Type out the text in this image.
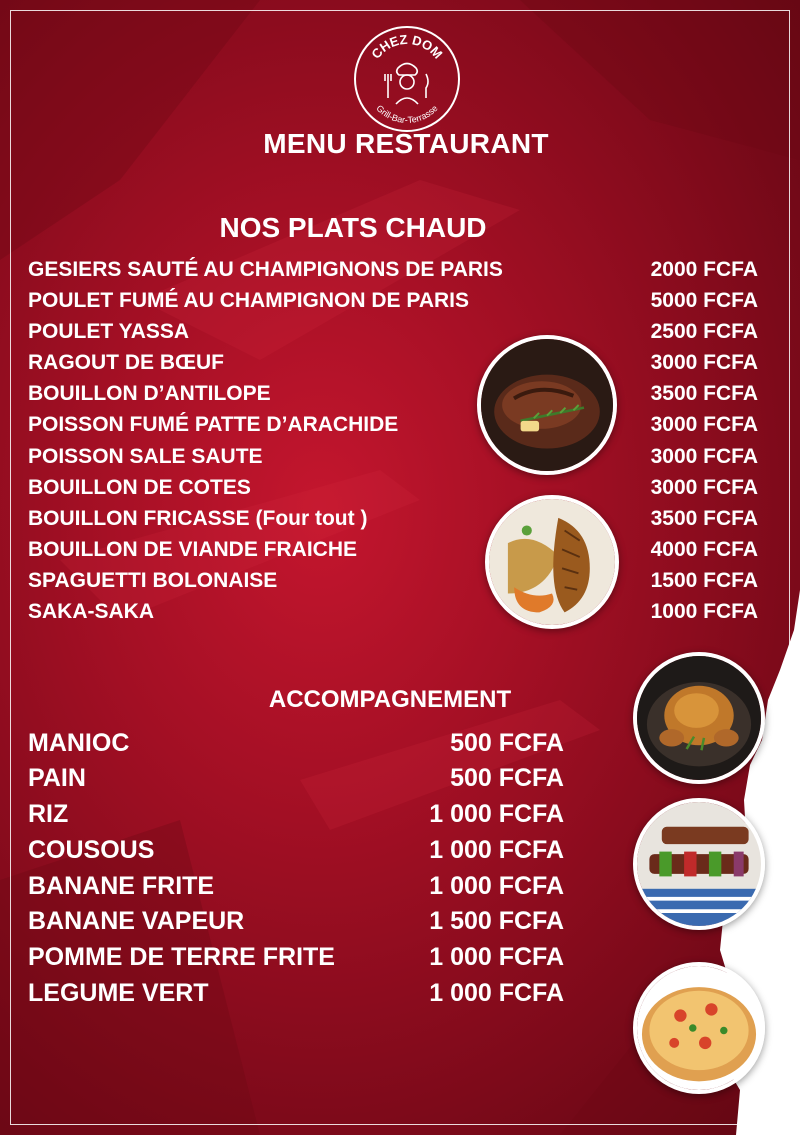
CHEZ DOM
Grill-Bar-Terrasse
MENU RESTAURANT
NOS PLATS CHAUD
GESIERS SAUTÉ AU CHAMPIGNONS DE PARIS	2000 FCFA
POULET FUMÉ AU CHAMPIGNON DE PARIS	5000 FCFA
POULET YASSA	2500 FCFA
RAGOUT DE BŒUF	3000 FCFA
BOUILLON D’ANTILOPE	3500 FCFA
POISSON FUMÉ PATTE D’ARACHIDE	3000 FCFA
POISSON SALE SAUTE	3000 FCFA
BOUILLON DE COTES	3000 FCFA
BOUILLON FRICASSE (Four tout )	3500 FCFA
BOUILLON DE VIANDE FRAICHE	4000 FCFA
SPAGUETTI BOLONAISE	1500 FCFA
SAKA-SAKA	1000 FCFA
ACCOMPAGNEMENT
MANIOC	500 FCFA
PAIN	500 FCFA
RIZ	1 000 FCFA
COUSOUS	1 000 FCFA
BANANE FRITE	1 000 FCFA
BANANE VAPEUR	1 500 FCFA
POMME DE TERRE FRITE	1 000 FCFA
LEGUME VERT	1 000 FCFA
